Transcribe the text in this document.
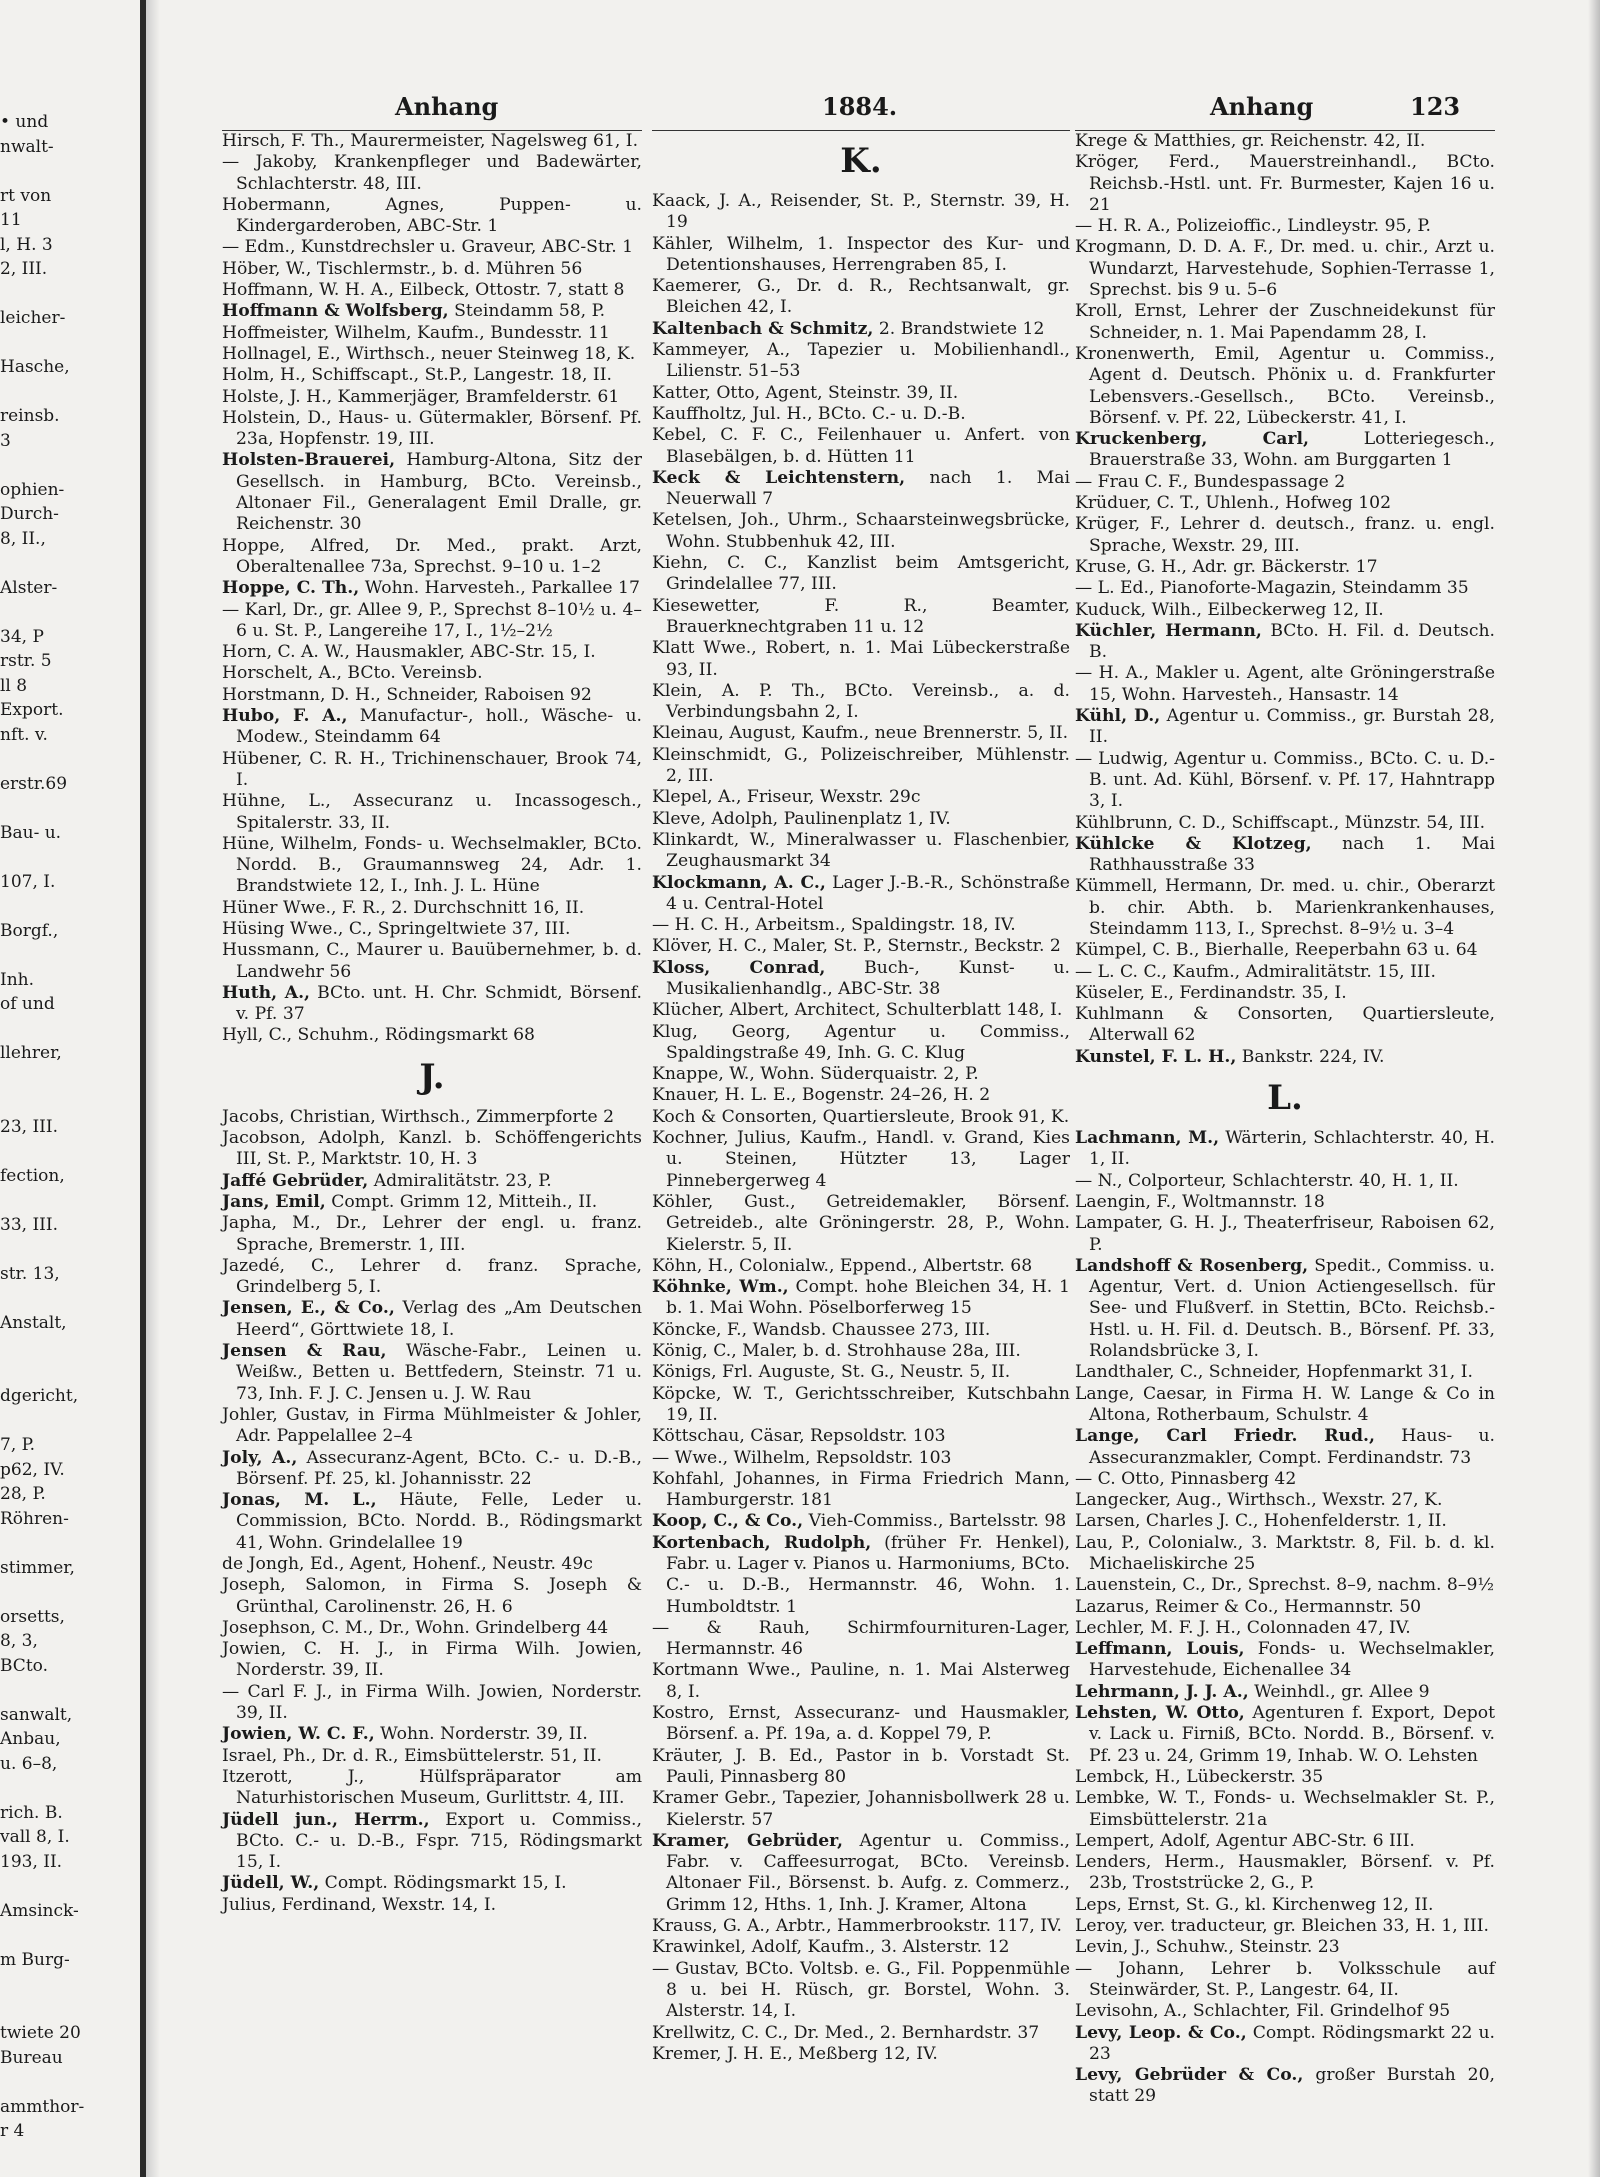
• und
nwalt-

rt von
11
l, H. 3
2, III.

leicher-

Hasche,

reinsb.
3

ophien-
Durch-
8, II.,

Alster-

34, P
rstr. 5
ll 8
Export.
nft. v.

erstr.69

Bau- u.

107, I.

Borgf.,

Inh.
of und

llehrer,

23, III.

fection,

33, III.

str. 13,

Anstalt,

dgericht,

7, P.
p62, IV.
28, P.
Röhren-

stimmer,

orsetts,
8, 3,
BCto.

sanwalt,
Anbau,
u. 6–8,

rich. B.
vall 8, I.
193, II.

Amsinck-

m Burg-

twiete 20
Bureau

ammthor-
r 4
Anhang	1884.	Anhang	123

Hirsch, F. Th., Maurermeister, Nagelsweg 61, I.

— Jakoby, Krankenpfleger und Badewärter, Schlachterstr. 48, III.

Hobermann, Agnes, Puppen- u. Kindergarderoben, ABC-Str. 1

— Edm., Kunstdrechsler u. Graveur, ABC-Str. 1

Höber, W., Tischlermstr., b. d. Mühren 56

Hoffmann, W. H. A., Eilbeck, Ottostr. 7, statt 8

Hoffmann & Wolfsberg, Steindamm 58, P.

Hoffmeister, Wilhelm, Kaufm., Bundesstr. 11

Hollnagel, E., Wirthsch., neuer Steinweg 18, K.

Holm, H., Schiffscapt., St.P., Langestr. 18, II.

Holste, J. H., Kammerjäger, Bramfelderstr. 61

Holstein, D., Haus- u. Gütermakler, Börsenf. Pf. 23a, Hopfenstr. 19, III.

Holsten-Brauerei, Hamburg-Altona, Sitz der Gesellsch. in Hamburg, BCto. Vereinsb., Altonaer Fil., Generalagent Emil Dralle, gr. Reichenstr. 30

Hoppe, Alfred, Dr. Med., prakt. Arzt, Oberaltenallee 73a, Sprechst. 9–10 u. 1–2

Hoppe, C. Th., Wohn. Harvesteh., Parkallee 17

— Karl, Dr., gr. Allee 9, P., Sprechst 8–10½ u. 4–6 u. St. P., Langereihe 17, I., 1½–2½

Horn, C. A. W., Hausmakler, ABC-Str. 15, I.

Horschelt, A., BCto. Vereinsb.

Horstmann, D. H., Schneider, Raboisen 92

Hubo, F. A., Manufactur-, holl., Wäsche- u. Modew., Steindamm 64

Hübener, C. R. H., Trichinenschauer, Brook 74, I.

Hühne, L., Assecuranz u. Incassogesch., Spitalerstr. 33, II.

Hüne, Wilhelm, Fonds- u. Wechselmakler, BCto. Nordd. B., Graumannsweg 24, Adr. 1. Brandstwiete 12, I., Inh. J. L. Hüne

Hüner Wwe., F. R., 2. Durchschnitt 16, II.

Hüsing Wwe., C., Springeltwiete 37, III.

Hussmann, C., Maurer u. Bauübernehmer, b. d. Landwehr 56

Huth, A., BCto. unt. H. Chr. Schmidt, Börsenf. v. Pf. 37

Hyll, C., Schuhm., Rödingsmarkt 68

J.

Jacobs, Christian, Wirthsch., Zimmerpforte 2

Jacobson, Adolph, Kanzl. b. Schöffengerichts III, St. P., Marktstr. 10, H. 3

Jaffé Gebrüder, Admiralitätstr. 23, P.

Jans, Emil, Compt. Grimm 12, Mitteih., II.

Japha, M., Dr., Lehrer der engl. u. franz. Sprache, Bremerstr. 1, III.

Jazedé, C., Lehrer d. franz. Sprache, Grindelberg 5, I.

Jensen, E., & Co., Verlag des „Am Deutschen Heerd“, Görttwiete 18, I.

Jensen & Rau, Wäsche-Fabr., Leinen u. Weißw., Betten u. Bettfedern, Steinstr. 71 u. 73, Inh. F. J. C. Jensen u. J. W. Rau

Johler, Gustav, in Firma Mühlmeister & Johler, Adr. Pappelallee 2–4

Joly, A., Assecuranz-Agent, BCto. C.- u. D.-B., Börsenf. Pf. 25, kl. Johannisstr. 22

Jonas, M. L., Häute, Felle, Leder u. Commission, BCto. Nordd. B., Rödingsmarkt 41, Wohn. Grindelallee 19

de Jongh, Ed., Agent, Hohenf., Neustr. 49c

Joseph, Salomon, in Firma S. Joseph & Grünthal, Carolinenstr. 26, H. 6

Josephson, C. M., Dr., Wohn. Grindelberg 44

Jowien, C. H. J., in Firma Wilh. Jowien, Norderstr. 39, II.

— Carl F. J., in Firma Wilh. Jowien, Norderstr. 39, II.

Jowien, W. C. F., Wohn. Norderstr. 39, II.

Israel, Ph., Dr. d. R., Eimsbüttelerstr. 51, II.

Itzerott, J., Hülfspräparator am Naturhistorischen Museum, Gurlittstr. 4, III.

Jüdell jun., Herrm., Export u. Commiss., BCto. C.- u. D.-B., Fspr. 715, Rödingsmarkt 15, I.

Jüdell, W., Compt. Rödingsmarkt 15, I.

Julius, Ferdinand, Wexstr. 14, I.

K.

Kaack, J. A., Reisender, St. P., Sternstr. 39, H. 19

Kähler, Wilhelm, 1. Inspector des Kur- und Detentionshauses, Herrengraben 85, I.

Kaemerer, G., Dr. d. R., Rechtsanwalt, gr. Bleichen 42, I.

Kaltenbach & Schmitz, 2. Brandstwiete 12

Kammeyer, A., Tapezier u. Mobilienhandl., Lilienstr. 51–53

Katter, Otto, Agent, Steinstr. 39, II.

Kauffholtz, Jul. H., BCto. C.- u. D.-B.

Kebel, C. F. C., Feilenhauer u. Anfert. von Blasebälgen, b. d. Hütten 11

Keck & Leichtenstern, nach 1. Mai Neuerwall 7

Ketelsen, Joh., Uhrm., Schaarsteinwegsbrücke, Wohn. Stubbenhuk 42, III.

Kiehn, C. C., Kanzlist beim Amtsgericht, Grindelallee 77, III.

Kiesewetter, F. R., Beamter, Brauerknechtgraben 11 u. 12

Klatt Wwe., Robert, n. 1. Mai Lübeckerstraße 93, II.

Klein, A. P. Th., BCto. Vereinsb., a. d. Verbindungsbahn 2, I.

Kleinau, August, Kaufm., neue Brennerstr. 5, II.

Kleinschmidt, G., Polizeischreiber, Mühlenstr. 2, III.

Klepel, A., Friseur, Wexstr. 29c

Kleve, Adolph, Paulinenplatz 1, IV.

Klinkardt, W., Mineralwasser u. Flaschenbier, Zeughausmarkt 34

Klockmann, A. C., Lager J.-B.-R., Schönstraße 4 u. Central-Hotel

— H. C. H., Arbeitsm., Spaldingstr. 18, IV.

Klöver, H. C., Maler, St. P., Sternstr., Beckstr. 2

Kloss, Conrad, Buch-, Kunst- u. Musikalienhandlg., ABC-Str. 38

Klücher, Albert, Architect, Schulterblatt 148, I.

Klug, Georg, Agentur u. Commiss., Spaldingstraße 49, Inh. G. C. Klug

Knappe, W., Wohn. Süderquaistr. 2, P.

Knauer, H. L. E., Bogenstr. 24–26, H. 2

Koch & Consorten, Quartiersleute, Brook 91, K.

Kochner, Julius, Kaufm., Handl. v. Grand, Kies u. Steinen, Hützter 13, Lager Pinnebergerweg 4

Köhler, Gust., Getreidemakler, Börsenf. Getreideb., alte Gröningerstr. 28, P., Wohn. Kielerstr. 5, II.

Köhn, H., Colonialw., Eppend., Albertstr. 68

Köhnke, Wm., Compt. hohe Bleichen 34, H. 1 b. 1. Mai Wohn. Pöselborferweg 15

Köncke, F., Wandsb. Chaussee 273, III.

König, C., Maler, b. d. Strohhause 28a, III.

Königs, Frl. Auguste, St. G., Neustr. 5, II.

Köpcke, W. T., Gerichtsschreiber, Kutschbahn 19, II.

Köttschau, Cäsar, Repsoldstr. 103

— Wwe., Wilhelm, Repsoldstr. 103

Kohfahl, Johannes, in Firma Friedrich Mann, Hamburgerstr. 181

Koop, C., & Co., Vieh-Commiss., Bartelsstr. 98

Kortenbach, Rudolph, (früher Fr. Henkel), Fabr. u. Lager v. Pianos u. Harmoniums, BCto. C.- u. D.-B., Hermannstr. 46, Wohn. 1. Humboldtstr. 1

— & Rauh, Schirmfournituren-Lager, Hermannstr. 46

Kortmann Wwe., Pauline, n. 1. Mai Alsterweg 8, I.

Kostro, Ernst, Assecuranz- und Hausmakler, Börsenf. a. Pf. 19a, a. d. Koppel 79, P.

Kräuter, J. B. Ed., Pastor in b. Vorstadt St. Pauli, Pinnasberg 80

Kramer Gebr., Tapezier, Johannisbollwerk 28 u. Kielerstr. 57

Kramer, Gebrüder, Agentur u. Commiss., Fabr. v. Caffeesurrogat, BCto. Vereinsb. Altonaer Fil., Börsenst. b. Aufg. z. Commerz., Grimm 12, Hths. 1, Inh. J. Kramer, Altona

Krauss, G. A., Arbtr., Hammerbrookstr. 117, IV.

Krawinkel, Adolf, Kaufm., 3. Alsterstr. 12

— Gustav, BCto. Voltsb. e. G., Fil. Poppenmühle 8 u. bei H. Rüsch, gr. Borstel, Wohn. 3. Alsterstr. 14, I.

Krellwitz, C. C., Dr. Med., 2. Bernhardstr. 37

Kremer, J. H. E., Meßberg 12, IV.

Krege & Matthies, gr. Reichenstr. 42, II.

Kröger, Ferd., Mauerstreinhandl., BCto. Reichsb.-Hstl. unt. Fr. Burmester, Kajen 16 u. 21

— H. R. A., Polizeioffic., Lindleystr. 95, P.

Krogmann, D. D. A. F., Dr. med. u. chir., Arzt u. Wundarzt, Harvestehude, Sophien-Terrasse 1, Sprechst. bis 9 u. 5–6

Kroll, Ernst, Lehrer der Zuschneidekunst für Schneider, n. 1. Mai Papendamm 28, I.

Kronenwerth, Emil, Agentur u. Commiss., Agent d. Deutsch. Phönix u. d. Frankfurter Lebensvers.-Gesellsch., BCto. Vereinsb., Börsenf. v. Pf. 22, Lübeckerstr. 41, I.

Kruckenberg, Carl,	Lotteriegesch., Brauerstraße 33, Wohn. am Burggarten 1

— Frau C. F., Bundespassage 2

Krüduer, C. T., Uhlenh., Hofweg 102

Krüger, F., Lehrer d. deutsch., franz. u. engl. Sprache, Wexstr. 29, III.

Kruse, G. H., Adr. gr. Bäckerstr. 17

— L. Ed., Pianoforte-Magazin, Steindamm 35

Kuduck, Wilh., Eilbeckerweg 12, II.

Küchler, Hermann, BCto. H. Fil. d. Deutsch. B.

— H. A., Makler u. Agent, alte Gröningerstraße 15, Wohn. Harvesteh., Hansastr. 14

Kühl, D., Agentur u. Commiss., gr. Burstah 28, II.

— Ludwig, Agentur u. Commiss., BCto. C. u. D.-B. unt. Ad. Kühl, Börsenf. v. Pf. 17, Hahntrapp 3, I.

Kühlbrunn, C. D., Schiffscapt., Münzstr. 54, III.

Kühlcke & Klotzeg, nach 1. Mai Rathhausstraße 33

Kümmell, Hermann, Dr. med. u. chir., Oberarzt b. chir. Abth. b. Marienkrankenhauses, Steindamm 113, I., Sprechst. 8–9½ u. 3–4

Kümpel, C. B., Bierhalle, Reeperbahn 63 u. 64

— L. C. C., Kaufm., Admiralitätstr. 15, III.

Küseler, E., Ferdinandstr. 35, I.

Kuhlmann & Consorten, Quartiersleute, Alterwall 62

Kunstel, F. L. H., Bankstr. 224, IV.

L.

Lachmann, M., Wärterin, Schlachterstr. 40, H. 1, II.

— N., Colporteur, Schlachterstr. 40, H. 1, II.

Laengin, F., Woltmannstr. 18

Lampater, G. H. J., Theaterfriseur, Raboisen 62, P.

Landshoff & Rosenberg, Spedit., Commiss. u. Agentur, Vert. d. Union Actiengesellsch. für See- und Flußverf. in Stettin, BCto. Reichsb.-Hstl. u. H. Fil. d. Deutsch. B., Börsenf. Pf. 33, Rolandsbrücke 3, I.

Landthaler, C., Schneider, Hopfenmarkt 31, I.

Lange, Caesar, in Firma H. W. Lange & Co in Altona, Rotherbaum, Schulstr. 4

Lange, Carl Friedr. Rud., Haus- u. Assecuranzmakler, Compt. Ferdinandstr. 73

— C. Otto, Pinnasberg 42

Langecker, Aug., Wirthsch., Wexstr. 27, K.

Larsen, Charles J. C., Hohenfelderstr. 1, II.

Lau, P., Colonialw., 3. Marktstr. 8, Fil. b. d. kl. Michaeliskirche 25

Lauenstein, C., Dr., Sprechst. 8–9, nachm. 8–9½

Lazarus, Reimer & Co., Hermannstr. 50

Lechler, M. F. J. H., Colonnaden 47, IV.

Leffmann, Louis, Fonds- u. Wechselmakler, Harvestehude, Eichenallee 34

Lehrmann, J. J. A., Weinhdl., gr. Allee 9

Lehsten, W. Otto, Agenturen f. Export, Depot v. Lack u. Firniß, BCto. Nordd. B., Börsenf. v. Pf. 23 u. 24, Grimm 19, Inhab. W. O. Lehsten

Lembck, H., Lübeckerstr. 35

Lembke, W. T., Fonds- u. Wechselmakler St. P., Eimsbüttelerstr. 21a

Lempert, Adolf, Agentur ABC-Str. 6 III.

Lenders, Herm., Hausmakler, Börsenf. v. Pf. 23b, Troststrücke 2, G., P.

Leps, Ernst, St. G., kl. Kirchenweg 12, II.

Leroy, ver. traducteur, gr. Bleichen 33, H. 1, III.

Levin, J., Schuhw., Steinstr. 23

— Johann, Lehrer b. Volksschule auf Steinwärder, St. P., Langestr. 64, II.

Levisohn, A., Schlachter, Fil. Grindelhof 95

Levy, Leop. & Co., Compt. Rödingsmarkt 22 u. 23

Levy, Gebrüder & Co., großer Burstah 20, statt 29
